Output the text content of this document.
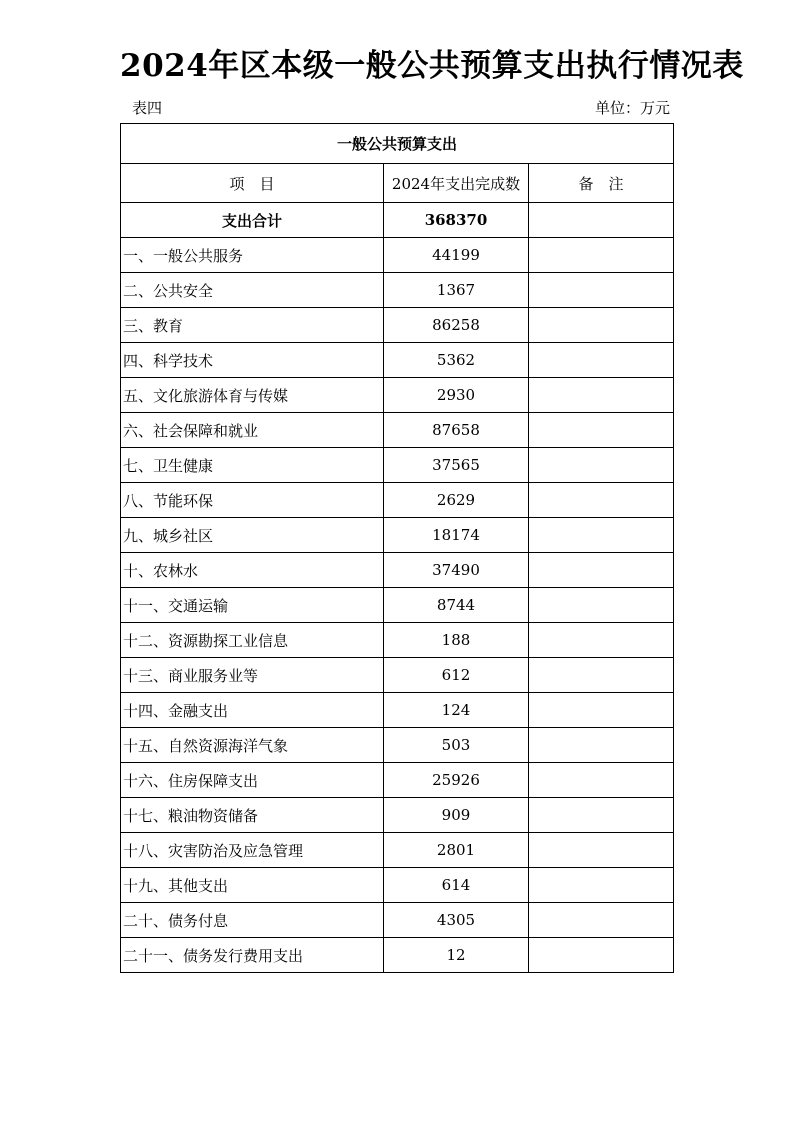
2024年区本级一般公共预算支出执行情况表
表四	单位：万元
一般公共预算支出		
项　目	2024年支出完成数	备　注
支出合计	368370	
一、一般公共服务	44199	
二、公共安全	1367	
三、教育	86258	
四、科学技术	5362	
五、文化旅游体育与传媒	2930	
六、社会保障和就业	87658	
七、卫生健康	37565	
八、节能环保	2629	
九、城乡社区	18174	
十、农林水	37490	
十一、交通运输	8744	
十二、资源勘探工业信息	188	
十三、商业服务业等	612	
十四、金融支出	124	
十五、自然资源海洋气象	503	
十六、住房保障支出	25926	
十七、粮油物资储备	909	
十八、灾害防治及应急管理	2801	
十九、其他支出	614	
二十、债务付息	4305	
二十一、债务发行费用支出	12	
